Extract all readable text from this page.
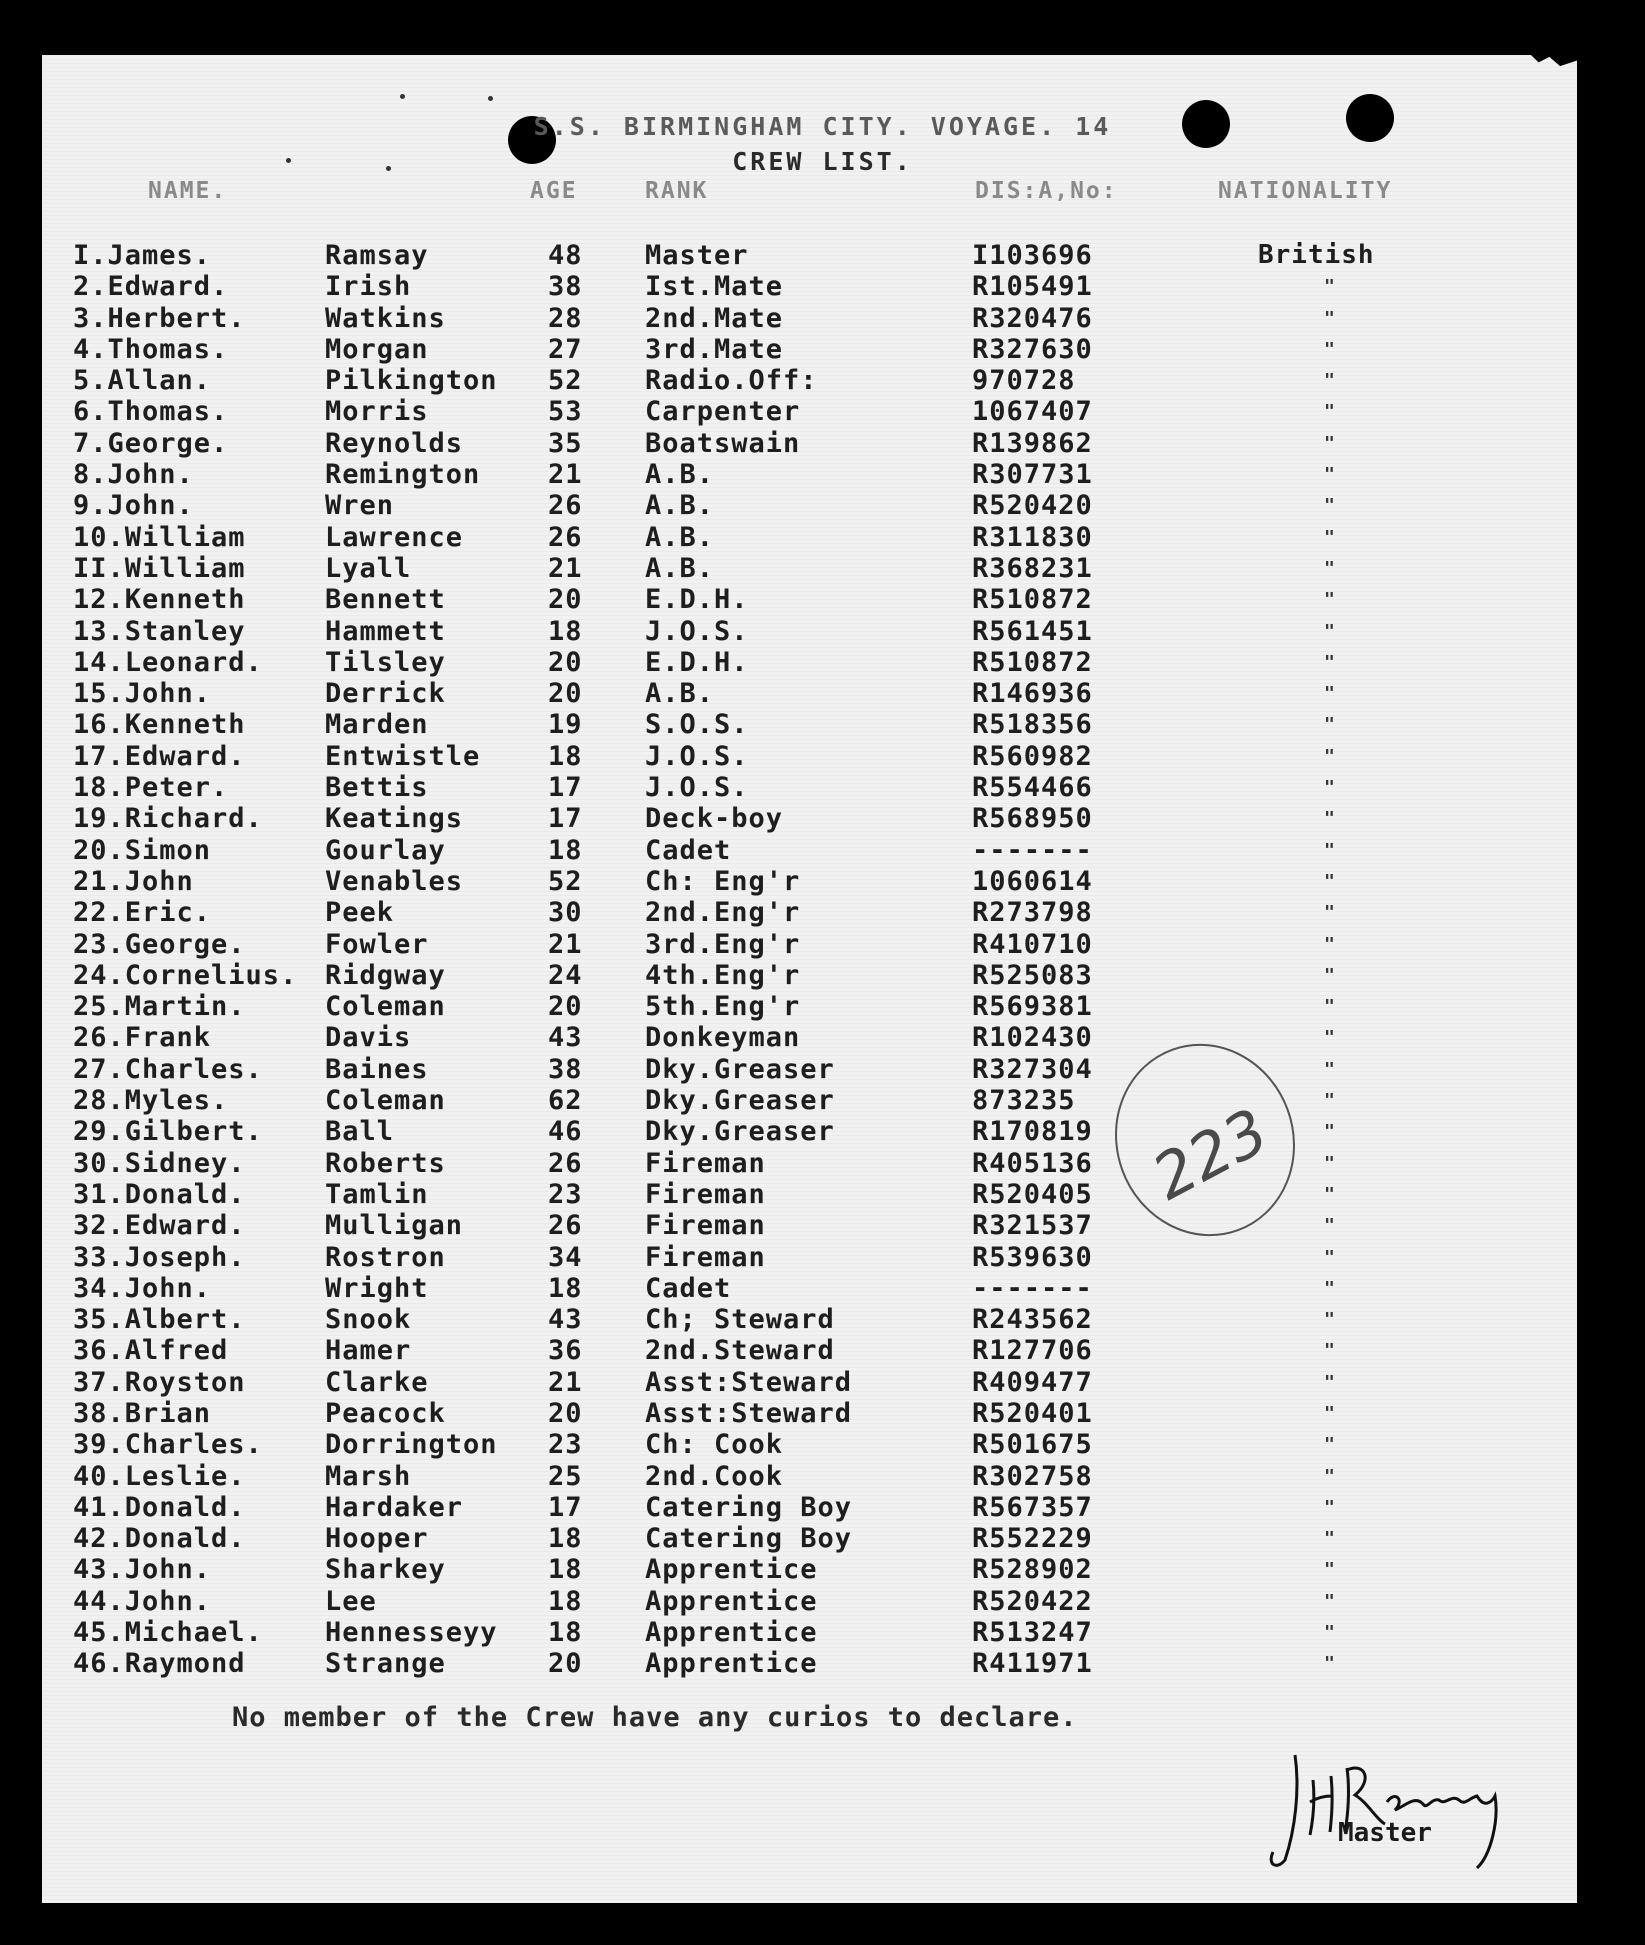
S.S. BIRMINGHAM CITY. VOYAGE. 14
CREW LIST.
NAME.	AGE	RANK	DIS:A,No:	NATIONALITY
I.James.	Ramsay	48 Master	I103696	British
2.Edward.	Irish	38 Ist.Mate	R105491	"
3.Herbert.	Watkins	28 2nd.Mate	R320476	"
4.Thomas.	Morgan	27 3rd.Mate	R327630	"
5.Allan.	Pilkington 52 Radio.Off:	970728	"
6.Thomas.	Morris	53 Carpenter	1067407	"
7.George.	Reynolds	35 Boatswain	R139862	"
8.John.	Remington	21 A.B.	R307731	"
9.John.	Wren	26 A.B.	R520420	"
10.William	Lawrence	26 A.B.	R311830	"
II.William	Lyall	21 A.B.	R368231	"
12.Kenneth	Bennett	20 E.D.H.	R510872	"
13.Stanley	Hammett	18 J.O.S.	R561451	"
14.Leonard. Tilsley	20 E.D.H.	R510872	"
15.John.	Derrick	20 A.B.	R146936	"
16.Kenneth	Marden	19 S.O.S.	R518356	"
17.Edward.	Entwistle	18 J.O.S.	R560982	"
18.Peter.	Bettis	17 J.O.S.	R554466	"
19.Richard. Keatings	17 Deck-boy	R568950	"
20.Simon	Gourlay	18 Cadet	-------	"
21.John	Venables	52 Ch: Eng'r	1060614	"
22.Eric.	Peek	30 2nd.Eng'r	R273798	"
23.George.	Fowler	21 3rd.Eng'r	R410710	"
24.Cornelius. Ridgway	24 4th.Eng'r	R525083	"
25.Martin.	Coleman	20 5th.Eng'r	R569381	"
26.Frank	Davis	43 Donkeyman	R102430	"
27.Charles. Baines	38 Dky.Greaser	R327304	"
28.Myles.	Coleman	62 Dky.Greaser	873235	"
29.Gilbert. Ball	46 Dky.Greaser	R170819	"
30.Sidney.	Roberts	26 Fireman	R405136	"
31.Donald.	Tamlin	23 Fireman	R520405	"
32.Edward.	Mulligan	26 Fireman	R321537	"
33.Joseph.	Rostron	34 Fireman	R539630	"
34.John.	Wright	18 Cadet	-------	"
35.Albert.	Snook	43 Ch; Steward	R243562	"
36.Alfred	Hamer	36 2nd.Steward	R127706	"
37.Royston	Clarke	21 Asst:Steward	R409477	"
38.Brian	Peacock	20 Asst:Steward	R520401	"
39.Charles. Dorrington 23 Ch: Cook	R501675	"
40.Leslie.	Marsh	25 2nd.Cook	R302758	"
41.Donald.	Hardaker	17 Catering Boy	R567357	"
42.Donald.	Hooper	18 Catering Boy	R552229	"
43.John.	Sharkey	18 Apprentice	R528902	"
44.John.	Lee	18 Apprentice	R520422	"
45.Michael. Hennesseyy 18 Apprentice	R513247	"
46.Raymond	Strange	20 Apprentice	R411971	"
No member of the Crew have any curios to declare.
223
Master
